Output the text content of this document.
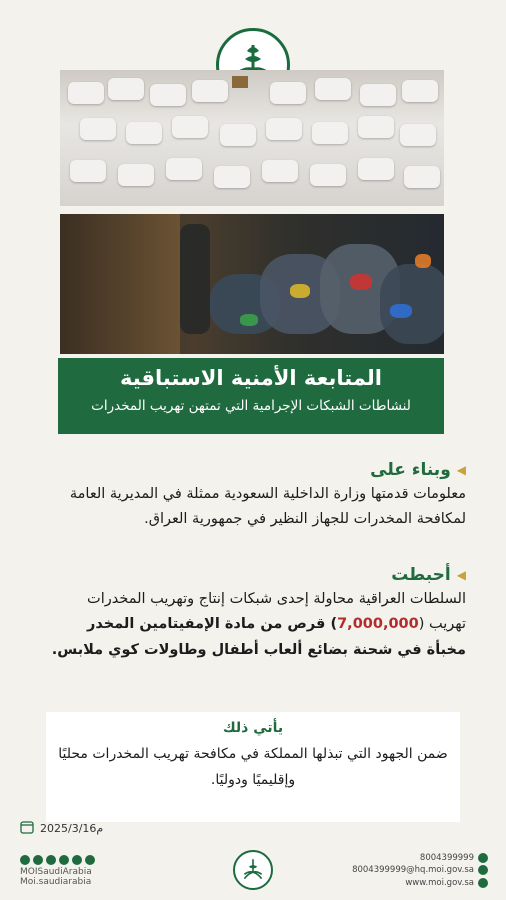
المتابعة الأمنية الاستباقية
لنشاطات الشبكات الإجرامية التي تمتهن تهريب المخدرات
◀
وبناء على
معلومات قدمتها وزارة الداخلية السعودية ممثلة في المديرية العامة لمكافحة المخدرات للجهاز النظير في جمهورية العراق.
◀
أحبطت
السلطات العراقية محاولة إحدى شبكات إنتاج وتهريب المخدرات تهريب (7,000,000) قرص من مادة الإمفيتامين المخدر مخبأة في شحنة بضائع ألعاب أطفال وطاولات كوي ملابس.
يأتي ذلك
ضمن الجهود التي تبذلها المملكة في مكافحة تهريب المخدرات محليًا وإقليميًا ودوليًا.
2025/3/16م
MOISaudiArabia
Moi.saudiarabia
8004399999
8004399999@hq.moi.gov.sa
www.moi.gov.sa
